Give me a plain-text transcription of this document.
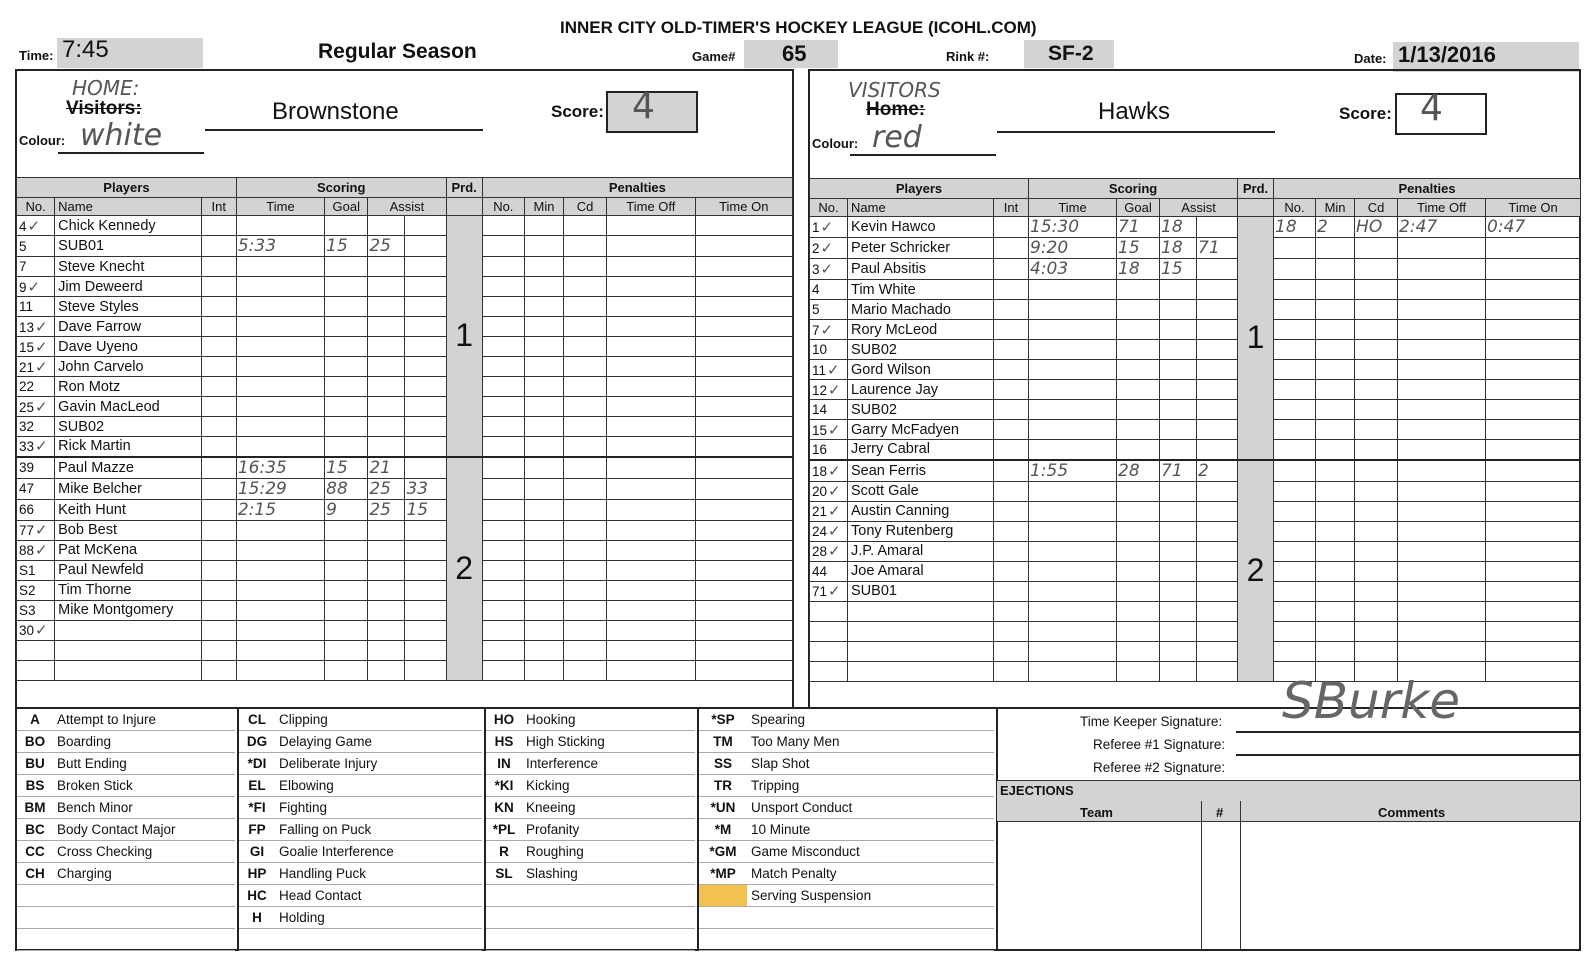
INNER CITY OLD-TIMER'S HOCKEY LEAGUE (ICOHL.COM)
Time: 7:45	Regular Season	Game# 65	Rink #:	SF-2	Date: 1/13/2016
HOME:
Visitors:	Brownstone	Score: 4
Colour: white
VISITORS
Home:	Hawks	Score: 4
Colour: red
Players			Scoring				Prd.	Penalties				
No.	Name	Int	Time	Goal	Assist			No.	Min	Cd	Time Off	Time On
4✓	Chick Kennedy						1					
5	SUB01		5:33	15	25							
7	Steve Knecht											
9✓	Jim Deweerd											
11	Steve Styles											
13✓	Dave Farrow											
15✓	Dave Uyeno											
21✓	John Carvelo											
22	Ron Motz											
25✓	Gavin MacLeod											
32	SUB02											
33✓	Rick Martin											
39	Paul Mazze		16:35	15	21		2					
47	Mike Belcher		15:29	88	25	33						
66	Keith Hunt		2:15	9	25	15						
77✓	Bob Best											
88✓	Pat McKena											
S1	Paul Newfeld											
S2	Tim Thorne											
S3	Mike Montgomery											
30✓												

Players			Scoring				Prd.	Penalties				
No.	Name	Int	Time	Goal	Assist			No.	Min	Cd	Time Off	Time On
1✓	Kevin Hawco		15:30	71	18		1	18	2	HO	2:47	0:47
2✓	Peter Schricker		9:20	15	18	71						
3✓	Paul Absitis		4:03	18	15							
4	Tim White											
5	Mario Machado											
7✓	Rory McLeod											
10	SUB02											
11✓	Gord Wilson											
12✓	Laurence Jay											
14	SUB02											
15✓	Garry McFadyen											
16	Jerry Cabral											
18✓	Sean Ferris		1:55	28	71	2	2					
20✓	Scott Gale											
21✓	Austin Canning											
24✓	Tony Rutenberg											
28✓	J.P. Amaral											
44	Joe Amaral											
71✓	SUB01											

A	Attempt to Injure
BO	Boarding
BU	Butt Ending
BS	Broken Stick
BM	Bench Minor
BC	Body Contact Major
CC	Cross Checking
CH	Charging

CL	Clipping
DG	Delaying Game
*DI	Deliberate Injury
EL	Elbowing
*FI	Fighting
FP	Falling on Puck
GI	Goalie Interference
HP	Handling Puck
HC	Head Contact
H	Holding

HO	Hooking
HS	High Sticking
IN	Interference
*KI	Kicking
KN	Kneeing
*PL	Profanity
R	Roughing
SL	Slashing

*SP	Spearing
TM	Too Many Men
SS	Slap Shot
TR	Tripping
*UN	Unsport Conduct
*M	10 Minute
*GM	Game Misconduct
*MP	Match Penalty
	Serving Suspension

Time Keeper Signature:
Referee #1 Signature:
Referee #2 Signature:
SBurke
EJECTIONS
Team	#	Comments
